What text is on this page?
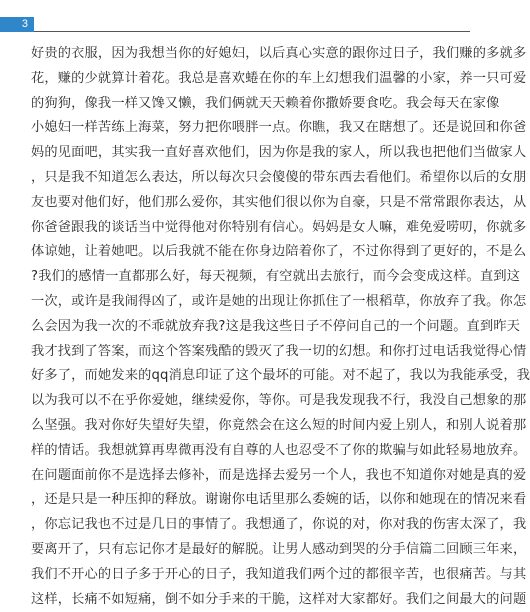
3
好贵的衣服，因为我想当你的好媳妇，以后真心实意的跟你过日子，我们赚的多就多
花，赚的少就算计着花。我总是喜欢蜷在你的车上幻想我们温馨的小家，养一只可爱
的狗狗，像我一样又馋又懒，我们俩就天天赖着你撒娇要食吃。我会每天在家像
小媳妇一样苦练上海菜，努力把你喂胖一点。你瞧，我又在瞎想了。还是说回和你爸
妈的见面吧，其实我一直好喜欢他们，因为你是我的家人，所以我也把他们当做家人
，只是我不知道怎么表达，所以每次只会傻傻的带东西去看他们。希望你以后的女朋
友也要对他们好，他们那么爱你，其实他们很以你为自豪，只是不常常跟你表达，从
你爸爸跟我的谈话当中觉得他对你特别有信心。妈妈是女人嘛，难免爱唠叨，你就多
体谅她，让着她吧。以后我就不能在你身边陪着你了，不过你得到了更好的，不是么
?我们的感情一直都那么好，每天视频，有空就出去旅行，而今会变成这样。直到这
一次，或许是我闹得凶了，或许是她的出现让你抓住了一根稻草，你放弃了我。你怎
么会因为我一次的不乖就放弃我?这是我这些日子不停问自己的一个问题。直到昨天
我才找到了答案，而这个答案残酷的毁灭了我一切的幻想。和你打过电话我觉得心情
好多了，而她发来的qq消息印证了这个最坏的可能。对不起了，我以为我能承受，我
以为我可以不在乎你爱她，继续爱你，等你。可是我发现我不行，我没自己想象的那
么坚强。我对你好失望好失望，你竟然会在这么短的时间内爱上别人，和别人说着那
样的情话。我想就算再卑微再没有自尊的人也忍受不了你的欺骗与如此轻易地放弃。
在问题面前你不是选择去修补，而是选择去爱另一个人，我也不知道你对她是真的爱
，还是只是一种压抑的释放。谢谢你电话里那么委婉的话，以你和她现在的情况来看
，你忘记我也不过是几日的事情了。我想通了，你说的对，你对我的伤害太深了，我
要离开了，只有忘记你才是最好的解脱。让男人感动到哭的分手信篇二回顾三年来，
我们不开心的日子多于开心的日子，我知道我们两个过的都很辛苦，也很痛苦。与其
这样，长痛不如短痛，倒不如分手来的干脆，这样对大家都好。我们之间最大的问题
